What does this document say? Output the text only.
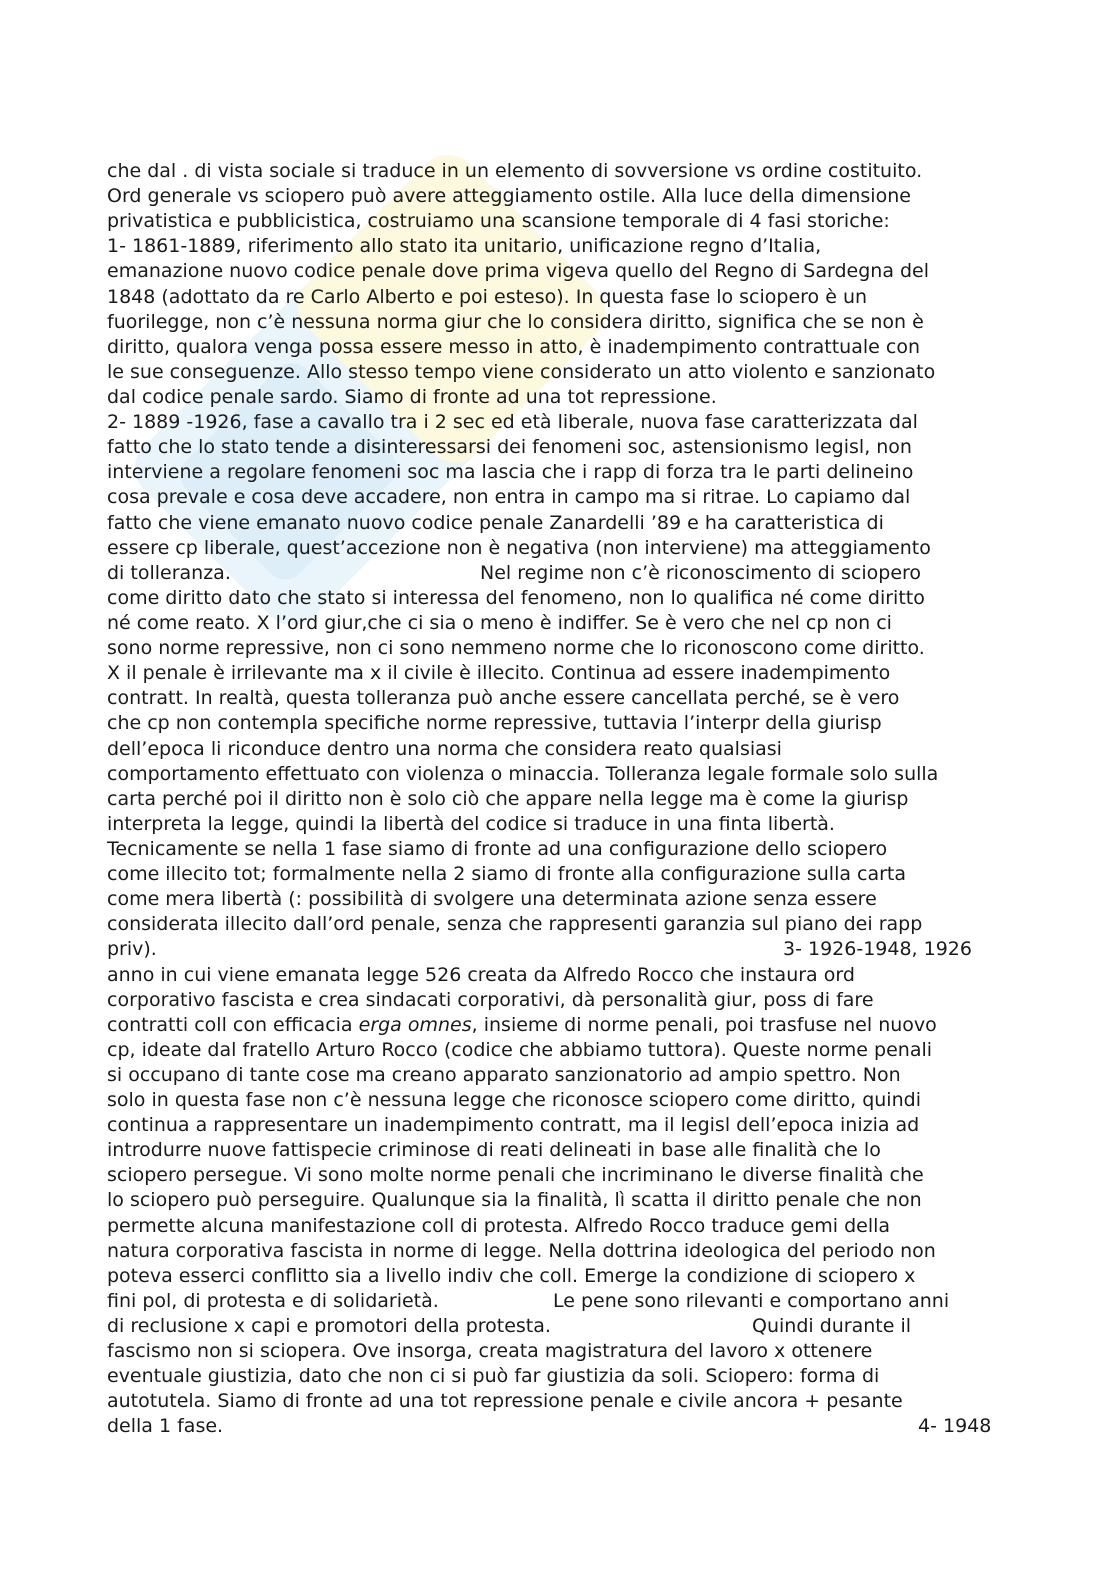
che dal . di vista sociale si traduce in un elemento di sovversione vs ordine costituito.
Ord generale vs sciopero può avere atteggiamento ostile. Alla luce della dimensione
privatistica e pubblicistica, costruiamo una scansione temporale di 4 fasi storiche:
1- 1861-1889, riferimento allo stato ita unitario, unificazione regno d’Italia,
emanazione nuovo codice penale dove prima vigeva quello del Regno di Sardegna del
1848 (adottato da re Carlo Alberto e poi esteso). In questa fase lo sciopero è un
fuorilegge, non c’è nessuna norma giur che lo considera diritto, significa che se non è
diritto, qualora venga possa essere messo in atto, è inadempimento contrattuale con
le sue conseguenze. Allo stesso tempo viene considerato un atto violento e sanzionato
dal codice penale sardo. Siamo di fronte ad una tot repressione.
2- 1889 -1926, fase a cavallo tra i 2 sec ed età liberale, nuova fase caratterizzata dal
fatto che lo stato tende a disinteressarsi dei fenomeni soc, astensionismo legisl, non
interviene a regolare fenomeni soc ma lascia che i rapp di forza tra le parti delineino
cosa prevale e cosa deve accadere, non entra in campo ma si ritrae. Lo capiamo dal
fatto che viene emanato nuovo codice penale Zanardelli ’89 e ha caratteristica di
essere cp liberale, quest’accezione non è negativa (non interviene) ma atteggiamento
di tolleranza.	Nel regime non c’è riconoscimento di sciopero
come diritto dato che stato si interessa del fenomeno, non lo qualifica né come diritto
né come reato. X l’ord giur,che ci sia o meno è indiffer. Se è vero che nel cp non ci
sono norme repressive, non ci sono nemmeno norme che lo riconoscono come diritto.
X il penale è irrilevante ma x il civile è illecito. Continua ad essere inadempimento
contratt. In realtà, questa tolleranza può anche essere cancellata perché, se è vero
che cp non contempla specifiche norme repressive, tuttavia l’interpr della giurisp
dell’epoca li riconduce dentro una norma che considera reato qualsiasi
comportamento effettuato con violenza o minaccia. Tolleranza legale formale solo sulla
carta perché poi il diritto non è solo ciò che appare nella legge ma è come la giurisp
interpreta la legge, quindi la libertà del codice si traduce in una finta libertà.
Tecnicamente se nella 1 fase siamo di fronte ad una configurazione dello sciopero
come illecito tot; formalmente nella 2 siamo di fronte alla configurazione sulla carta
come mera libertà (: possibilità di svolgere una determinata azione senza essere
considerata illecito dall’ord penale, senza che rappresenti garanzia sul piano dei rapp
priv).	3- 1926-1948, 1926
anno in cui viene emanata legge 526 creata da Alfredo Rocco che instaura ord
corporativo fascista e crea sindacati corporativi, dà personalità giur, poss di fare
contratti coll con efficacia erga omnes, insieme di norme penali, poi trasfuse nel nuovo
cp, ideate dal fratello Arturo Rocco (codice che abbiamo tuttora). Queste norme penali
si occupano di tante cose ma creano apparato sanzionatorio ad ampio spettro. Non
solo in questa fase non c’è nessuna legge che riconosce sciopero come diritto, quindi
continua a rappresentare un inadempimento contratt, ma il legisl dell’epoca inizia ad
introdurre nuove fattispecie criminose di reati delineati in base alle finalità che lo
sciopero persegue. Vi sono molte norme penali che incriminano le diverse finalità che
lo sciopero può perseguire. Qualunque sia la finalità, lì scatta il diritto penale che non
permette alcuna manifestazione coll di protesta. Alfredo Rocco traduce gemi della
natura corporativa fascista in norme di legge. Nella dottrina ideologica del periodo non
poteva esserci conflitto sia a livello indiv che coll. Emerge la condizione di sciopero x
fini pol, di protesta e di solidarietà.	Le pene sono rilevanti e comportano anni
di reclusione x capi e promotori della protesta.	Quindi durante il
fascismo non si sciopera. Ove insorga, creata magistratura del lavoro x ottenere
eventuale giustizia, dato che non ci si può far giustizia da soli. Sciopero: forma di
autotutela. Siamo di fronte ad una tot repressione penale e civile ancora + pesante
della 1 fase.	4- 1948
